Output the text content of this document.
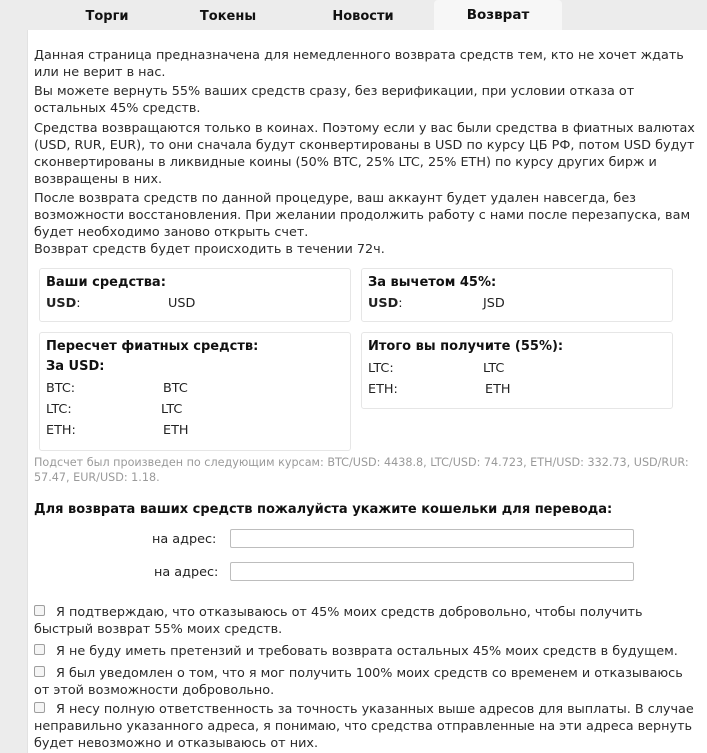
Торги	Токены	Новости	Возврат
Данная страница предназначена для немедленного возврата средств тем, кто не хочет ждать или не верит в нас.
Вы можете вернуть 55% ваших средств сразу, без верификации, при условии отказа от остальных 45% средств.
Средства возвращаются только в коинах. Поэтому если у вас были средства в фиатных валютах (USD, RUR, EUR), то они сначала будут сконвертированы в USD по курсу ЦБ РФ, потом USD будут сконвертированы в ликвидные коины (50% BTC, 25% LTC, 25% ETH) по курсу других бирж и возвращены в них.
После возврата средств по данной процедуре, ваш аккаунт будет удален навсегда, без возможности восстановления. При желании продолжить работу с нами после перезапуска, вам будет необходимо заново открыть счет.
Возврат средств будет происходить в течении 72ч.
Ваши средства:
USD:	USD
За вычетом 45%:
USD:	JSD
Пересчет фиатных средств:
За USD:
BTC:	BTC
LTC:	LTC
ETH:	ETH
Итого вы получите (55%):
LTC:	LTC
ETH:	ETH
Подсчет был произведен по следующим курсам: BTC/USD: 4438.8, LTC/USD: 74.723, ETH/USD: 332.73, USD/RUR: 57.47, EUR/USD: 1.18.
Для возврата ваших средств пожалуйста укажите кошельки для перевода:
на адрес:
на адрес:
Я подтверждаю, что отказываюсь от 45% моих средств добровольно, чтобы получить быстрый возврат 55% моих средств.
Я не буду иметь претензий и требовать возврата остальных 45% моих средств в будущем.
Я был уведомлен о том, что я мог получить 100% моих средств со временем и отказываюсь от этой возможности добровольно.
Я несу полную ответственность за точность указанных выше адресов для выплаты. В случае неправильно указанного адреса, я понимаю, что средства отправленные на эти адреса вернуть будет невозможно и отказываюсь от них.
